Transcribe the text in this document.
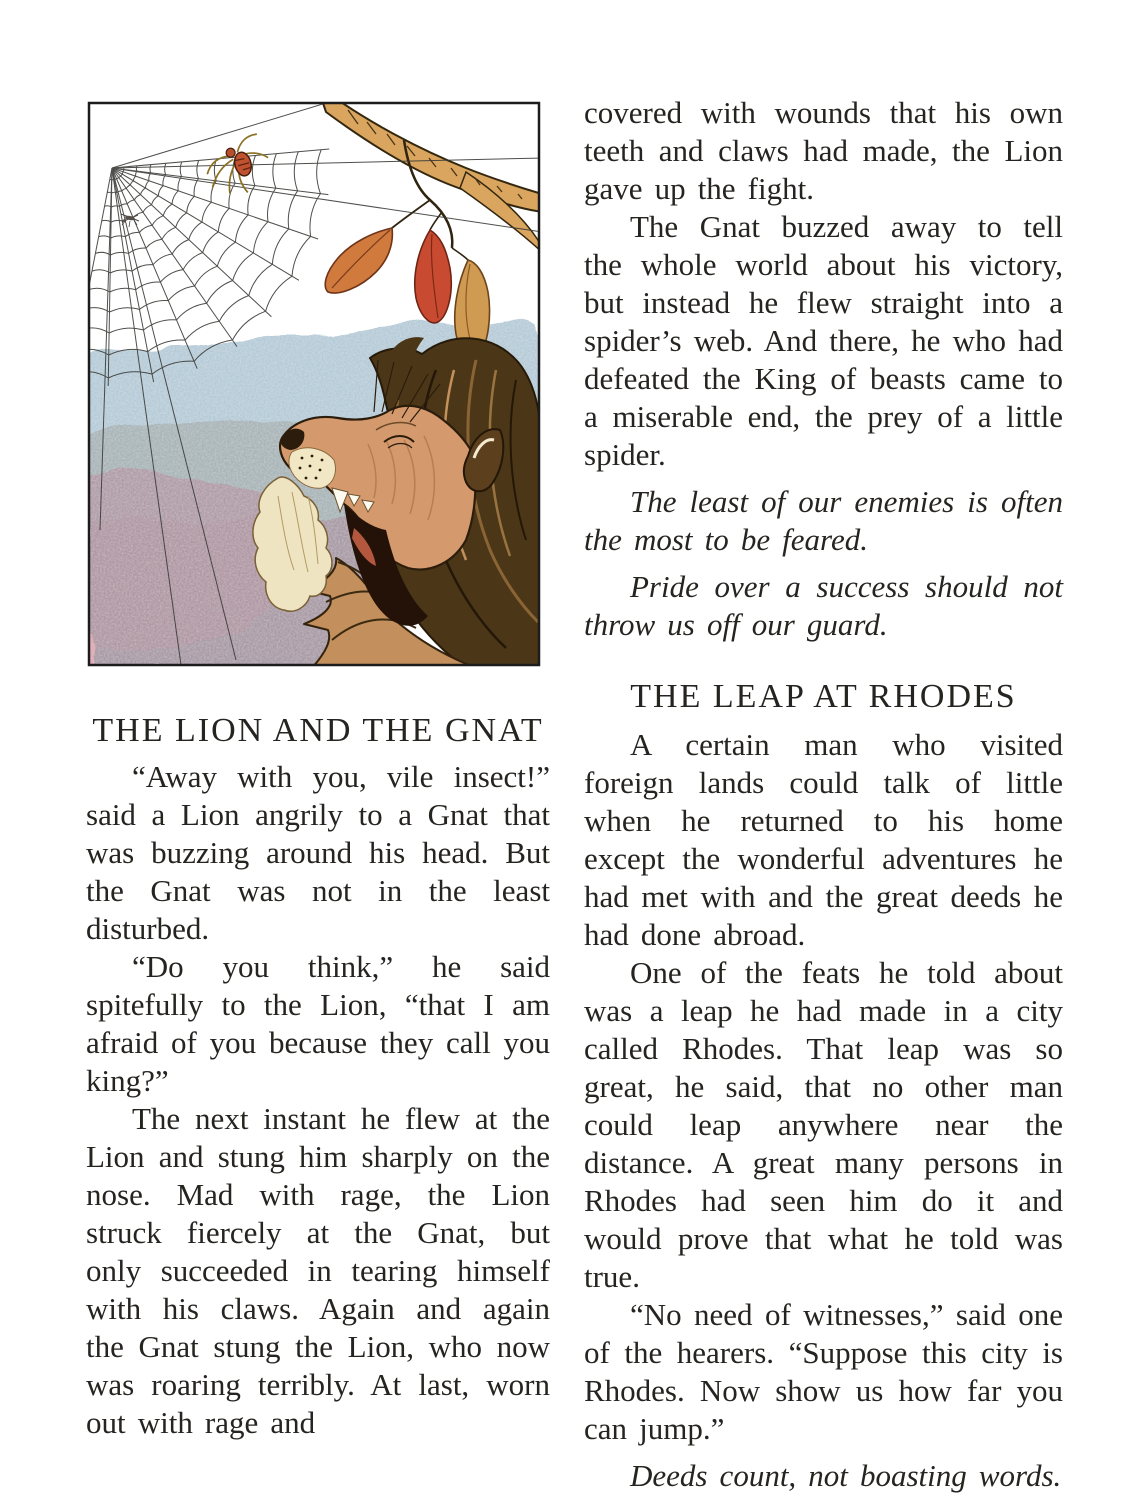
THE LION AND THE GNAT

“Away with you, vile insect!” said a Lion angrily to a Gnat that was buzzing around his head. But the Gnat was not in the least disturbed.

“Do you think,” he said spitefully to the Lion, “that I am afraid of you because they call you king?”

The next instant he flew at the Lion and stung him sharply on the nose. Mad with rage, the Lion struck fiercely at the Gnat, but only succeeded in tearing himself with his claws. Again and again the Gnat stung the Lion, who now was roaring terribly. At last, worn out with rage and

covered with wounds that his own teeth and claws had made, the Lion gave up the fight.

The Gnat buzzed away to tell the whole world about his victory, but instead he flew straight into a spider’s web. And there, he who had defeated the King of beasts came to a miserable end, the prey of a little spider.

The least of our enemies is often the most to be feared.

Pride over a success should not throw us off our guard.

THE LEAP AT RHODES

A certain man who visited foreign lands could talk of little when he returned to his home except the wonderful adventures he had met with and the great deeds he had done abroad.

One of the feats he told about was a leap he had made in a city called Rhodes. That leap was so great, he said, that no other man could leap anywhere near the distance. A great many persons in Rhodes had seen him do it and would prove that what he told was true.

“No need of witnesses,” said one of the hearers. “Suppose this city is Rhodes. Now show us how far you can jump.”

Deeds count, not boasting words.
